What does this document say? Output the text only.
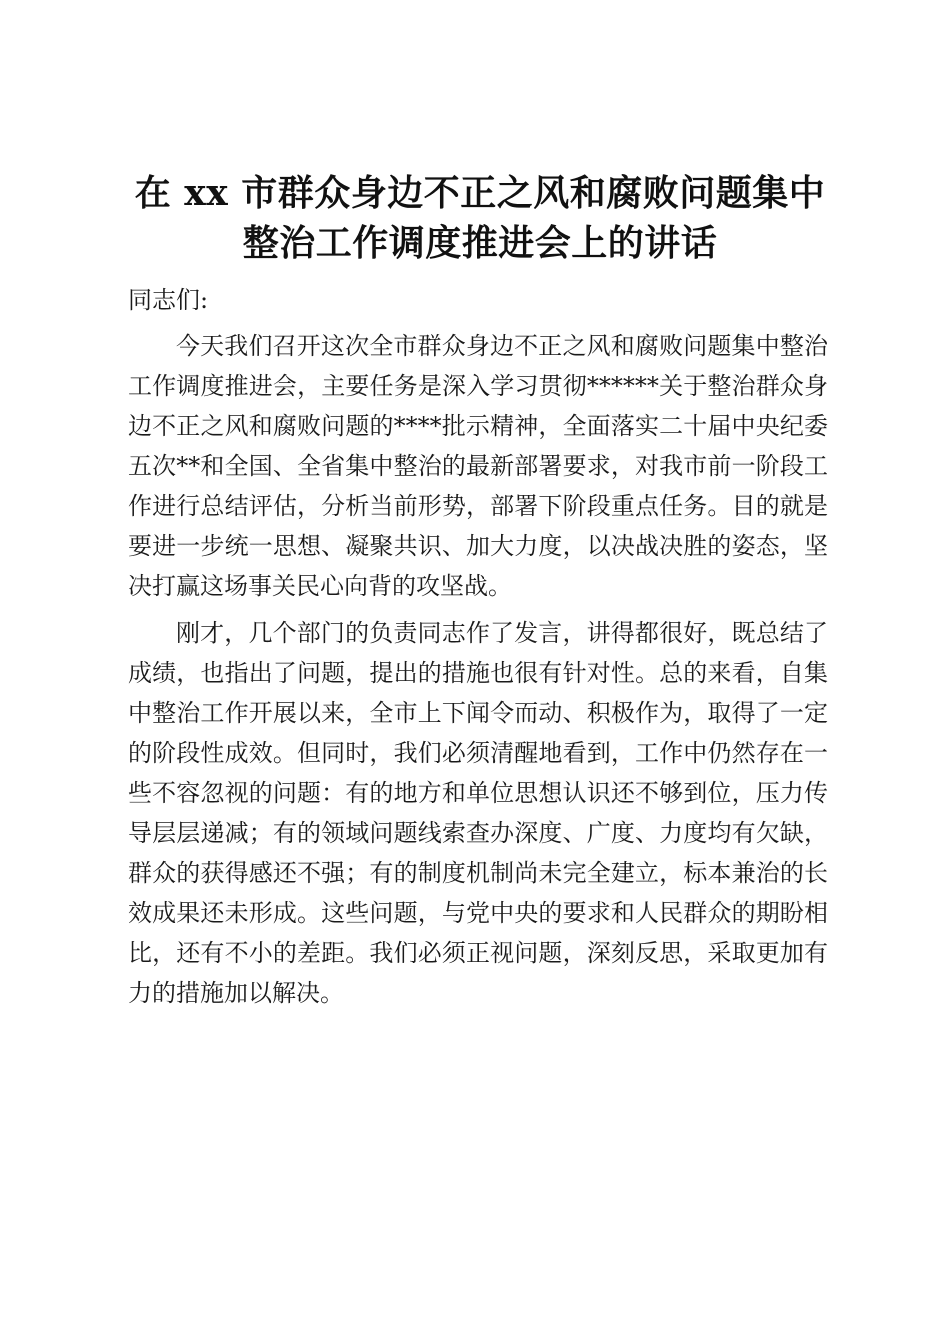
在 xx 市群众身边不正之风和腐败问题集中整治工作调度推进会上的讲话

同志们:

今天我们召开这次全市群众身边不正之风和腐败问题集中整治工作调度推进会，主要任务是深入学习贯彻******关于整治群众身边不正之风和腐败问题的****批示精神，全面落实二十届中央纪委五次**和全国、全省集中整治的最新部署要求，对我市前一阶段工作进行总结评估，分析当前形势，部署下阶段重点任务。目的就是要进一步统一思想、凝聚共识、加大力度，以决战决胜的姿态，坚决打赢这场事关民心向背的攻坚战。

刚才，几个部门的负责同志作了发言，讲得都很好，既总结了成绩，也指出了问题，提出的措施也很有针对性。总的来看，自集中整治工作开展以来，全市上下闻令而动、积极作为，取得了一定的阶段性成效。但同时，我们必须清醒地看到，工作中仍然存在一些不容忽视的问题：有的地方和单位思想认识还不够到位，压力传导层层递减；有的领域问题线索查办深度、广度、力度均有欠缺，群众的获得感还不强；有的制度机制尚未完全建立，标本兼治的长效成果还未形成。这些问题，与党中央的要求和人民群众的期盼相比，还有不小的差距。我们必须正视问题，深刻反思，采取更加有力的措施加以解决。
